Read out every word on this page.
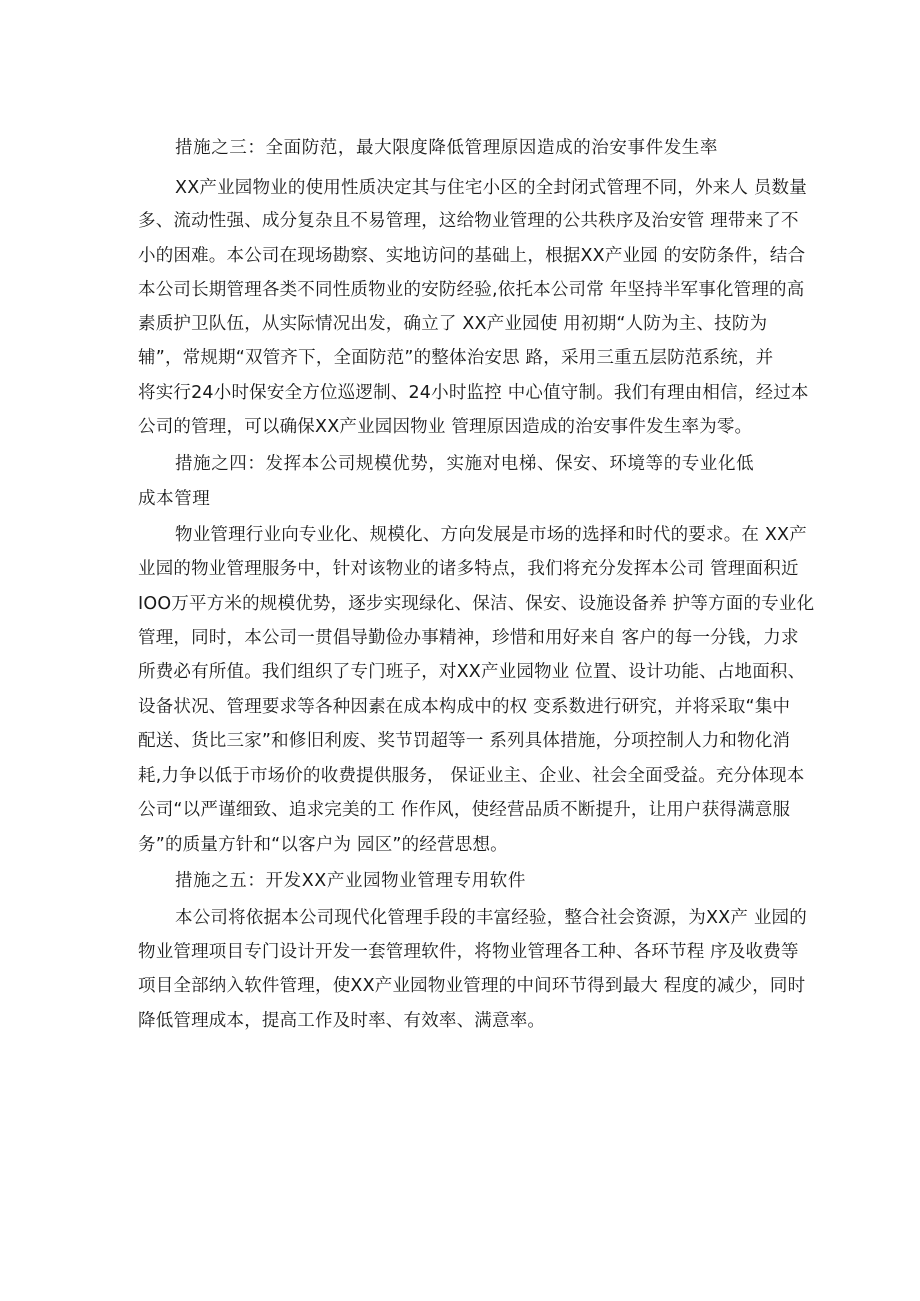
措施之三：全面防范，最大限度降低管理原因造成的治安事件发生率
XX产业园物业的使用性质决定其与住宅小区的全封闭式管理不同，外来人 员数量
多、流动性强、成分复杂且不易管理，这给物业管理的公共秩序及治安管 理带来了不
小的困难。本公司在现场勘察、实地访问的基础上，根据XX产业园 的安防条件，结合
本公司长期管理各类不同性质物业的安防经验,依托本公司常 年坚持半军事化管理的高
素质护卫队伍，从实际情况出发，确立了 XX产业园使 用初期“人防为主、技防为
辅”，常规期“双管齐下，全面防范”的整体治安思 路，采用三重五层防范系统，并
将实行24小时保安全方位巡逻制、24小时监控 中心值守制。我们有理由相信，经过本
公司的管理，可以确保XX产业园因物业 管理原因造成的治安事件发生率为零。
措施之四：发挥本公司规模优势，实施对电梯、保安、环境等的专业化低
成本管理
物业管理行业向专业化、规模化、方向发展是市场的选择和时代的要求。在 XX产
业园的物业管理服务中，针对该物业的诸多特点，我们将充分发挥本公司 管理面积近
IOO万平方米的规模优势，逐步实现绿化、保洁、保安、设施设备养 护等方面的专业化
管理，同时，本公司一贯倡导勤俭办事精神，珍惜和用好来自 客户的每一分钱，力求
所费必有所值。我们组织了专门班子，对XX产业园物业 位置、设计功能、占地面积、
设备状况、管理要求等各种因素在成本构成中的权 变系数进行研究，并将采取“集中
配送、货比三家”和修旧利废、奖节罚超等一 系列具体措施，分项控制人力和物化消
耗,力争以低于市场价的收费提供服务， 保证业主、企业、社会全面受益。充分体现本
公司“以严谨细致、追求完美的工 作作风，使经营品质不断提升，让用户获得满意服
务”的质量方针和“以客户为 园区”的经营思想。
措施之五：开发XX产业园物业管理专用软件
本公司将依据本公司现代化管理手段的丰富经验，整合社会资源，为XX产 业园的
物业管理项目专门设计开发一套管理软件，将物业管理各工种、各环节程 序及收费等
项目全部纳入软件管理，使XX产业园物业管理的中间环节得到最大 程度的减少，同时
降低管理成本，提高工作及时率、有效率、满意率。
